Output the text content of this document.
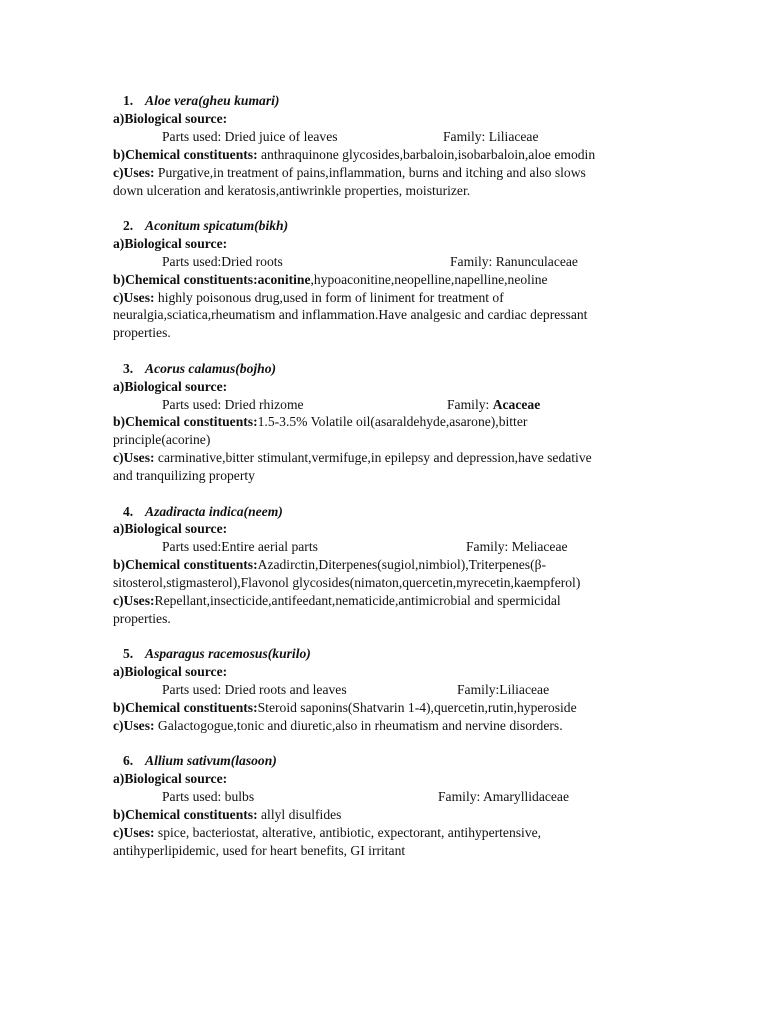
1. Aloe vera(gheu kumari)
a)Biological source:
Parts used: Dried juice of leaves	Family: Liliaceae
b)Chemical constituents: anthraquinone glycosides,barbaloin,isobarbaloin,aloe emodin
c)Uses: Purgative,in treatment of pains,inflammation, burns and itching and also slows
down ulceration and keratosis,antiwrinkle properties, moisturizer.
2. Aconitum spicatum(bikh)
a)Biological source:
Parts used:Dried roots	Family: Ranunculaceae
b)Chemical constituents:aconitine,hypoaconitine,neopelline,napelline,neoline
c)Uses: highly poisonous drug,used in form of liniment for treatment of
neuralgia,sciatica,rheumatism and inflammation.Have analgesic and cardiac depressant
properties.
3. Acorus calamus(bojho)
a)Biological source:
Parts used: Dried rhizome	Family: Acaceae
b)Chemical constituents:1.5-3.5% Volatile oil(asaraldehyde,asarone),bitter
principle(acorine)
c)Uses: carminative,bitter stimulant,vermifuge,in epilepsy and depression,have sedative
and tranquilizing property
4. Azadiracta indica(neem)
a)Biological source:
Parts used:Entire aerial parts	Family: Meliaceae
b)Chemical constituents:Azadirctin,Diterpenes(sugiol,nimbiol),Triterpenes(β-
sitosterol,stigmasterol),Flavonol glycosides(nimaton,quercetin,myrecetin,kaempferol)
c)Uses:Repellant,insecticide,antifeedant,nematicide,antimicrobial and spermicidal
properties.
5. Asparagus racemosus(kurilo)
a)Biological source:
Parts used: Dried roots and leaves	Family:Liliaceae
b)Chemical constituents:Steroid saponins(Shatvarin 1-4),quercetin,rutin,hyperoside
c)Uses: Galactogogue,tonic and diuretic,also in rheumatism and nervine disorders.
6. Allium sativum(lasoon)
a)Biological source:
Parts used: bulbs	Family: Amaryllidaceae
b)Chemical constituents: allyl disulfides
c)Uses: spice, bacteriostat, alterative, antibiotic, expectorant, antihypertensive,
antihyperlipidemic, used for heart benefits, GI irritant
